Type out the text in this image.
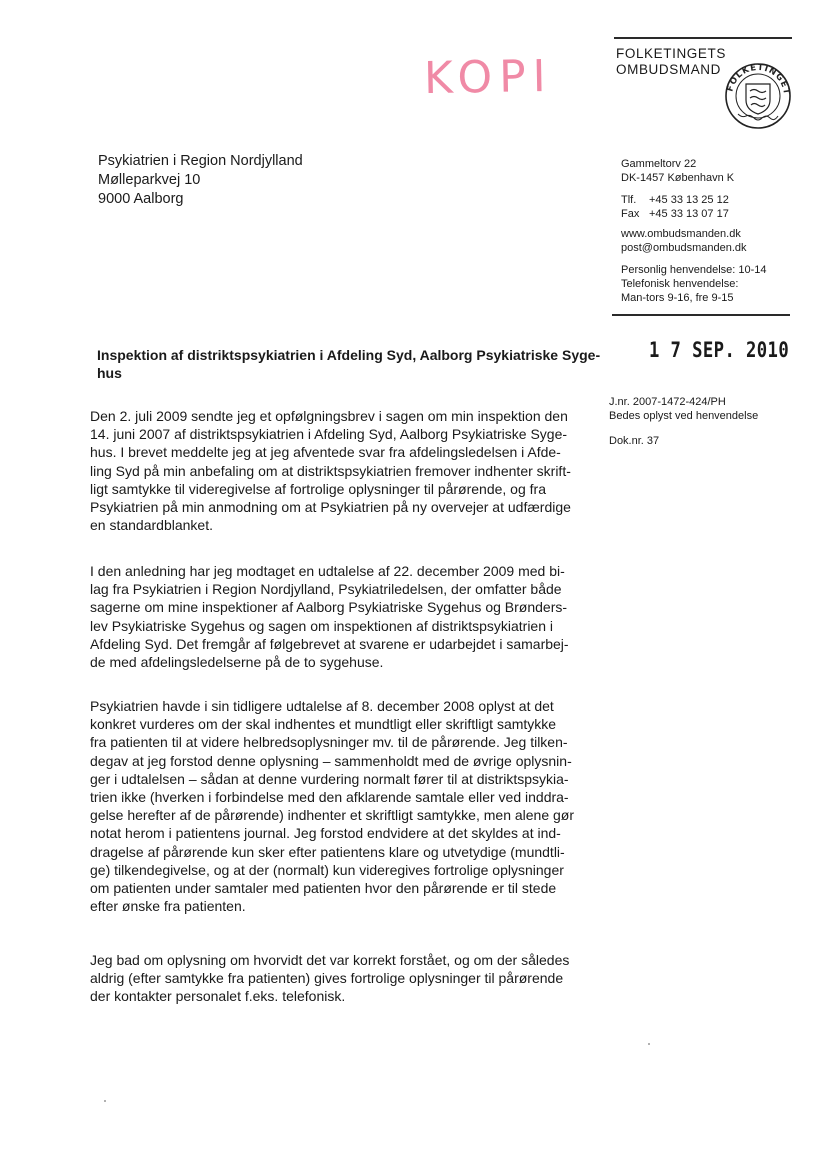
KOPI	FOLKETINGETS
OMBUDSMAND
FOLKETINGET
Psykiatrien i Region Nordjylland
Mølleparkvej 10
9000 Aalborg
Gammeltorv 22
DK-1457 København K
Tlf. +45 33 13 25 12
Fax +45 33 13 07 17
www.ombudsmanden.dk
post@ombudsmanden.dk
Personlig henvendelse: 10-14
Telefonisk henvendelse:
Man-tors 9-16, fre 9-15
1 7 SEP. 2010
J.nr. 2007-1472-424/PH
Bedes oplyst ved henvendelse
Dok.nr. 37
Inspektion af distriktspsykiatrien i Afdeling Syd, Aalborg Psykiatriske Syge-
hus
Den 2. juli 2009 sendte jeg et opfølgningsbrev i sagen om min inspektion den
14. juni 2007 af distriktspsykiatrien i Afdeling Syd, Aalborg Psykiatriske Syge-
hus. I brevet meddelte jeg at jeg afventede svar fra afdelingsledelsen i Afde-
ling Syd på min anbefaling om at distriktspsykiatrien fremover indhenter skrift-
ligt samtykke til videregivelse af fortrolige oplysninger til pårørende, og fra
Psykiatrien på min anmodning om at Psykiatrien på ny overvejer at udfærdige
en standardblanket.
I den anledning har jeg modtaget en udtalelse af 22. december 2009 med bi-
lag fra Psykiatrien i Region Nordjylland, Psykiatriledelsen, der omfatter både
sagerne om mine inspektioner af Aalborg Psykiatriske Sygehus og Brønders-
lev Psykiatriske Sygehus og sagen om inspektionen af distriktspsykiatrien i
Afdeling Syd. Det fremgår af følgebrevet at svarene er udarbejdet i samarbej-
de med afdelingsledelserne på de to sygehuse.
Psykiatrien havde i sin tidligere udtalelse af 8. december 2008 oplyst at det
konkret vurderes om der skal indhentes et mundtligt eller skriftligt samtykke
fra patienten til at videre helbredsoplysninger mv. til de pårørende. Jeg tilken-
degav at jeg forstod denne oplysning – sammenholdt med de øvrige oplysnin-
ger i udtalelsen – sådan at denne vurdering normalt fører til at distriktspsykia-
trien ikke (hverken i forbindelse med den afklarende samtale eller ved inddra-
gelse herefter af de pårørende) indhenter et skriftligt samtykke, men alene gør
notat herom i patientens journal. Jeg forstod endvidere at det skyldes at ind-
dragelse af pårørende kun sker efter patientens klare og utvetydige (mundtli-
ge) tilkendegivelse, og at der (normalt) kun videregives fortrolige oplysninger
om patienten under samtaler med patienten hvor den pårørende er til stede
efter ønske fra patienten.
Jeg bad om oplysning om hvorvidt det var korrekt forstået, og om der således
aldrig (efter samtykke fra patienten) gives fortrolige oplysninger til pårørende
der kontakter personalet f.eks. telefonisk.
